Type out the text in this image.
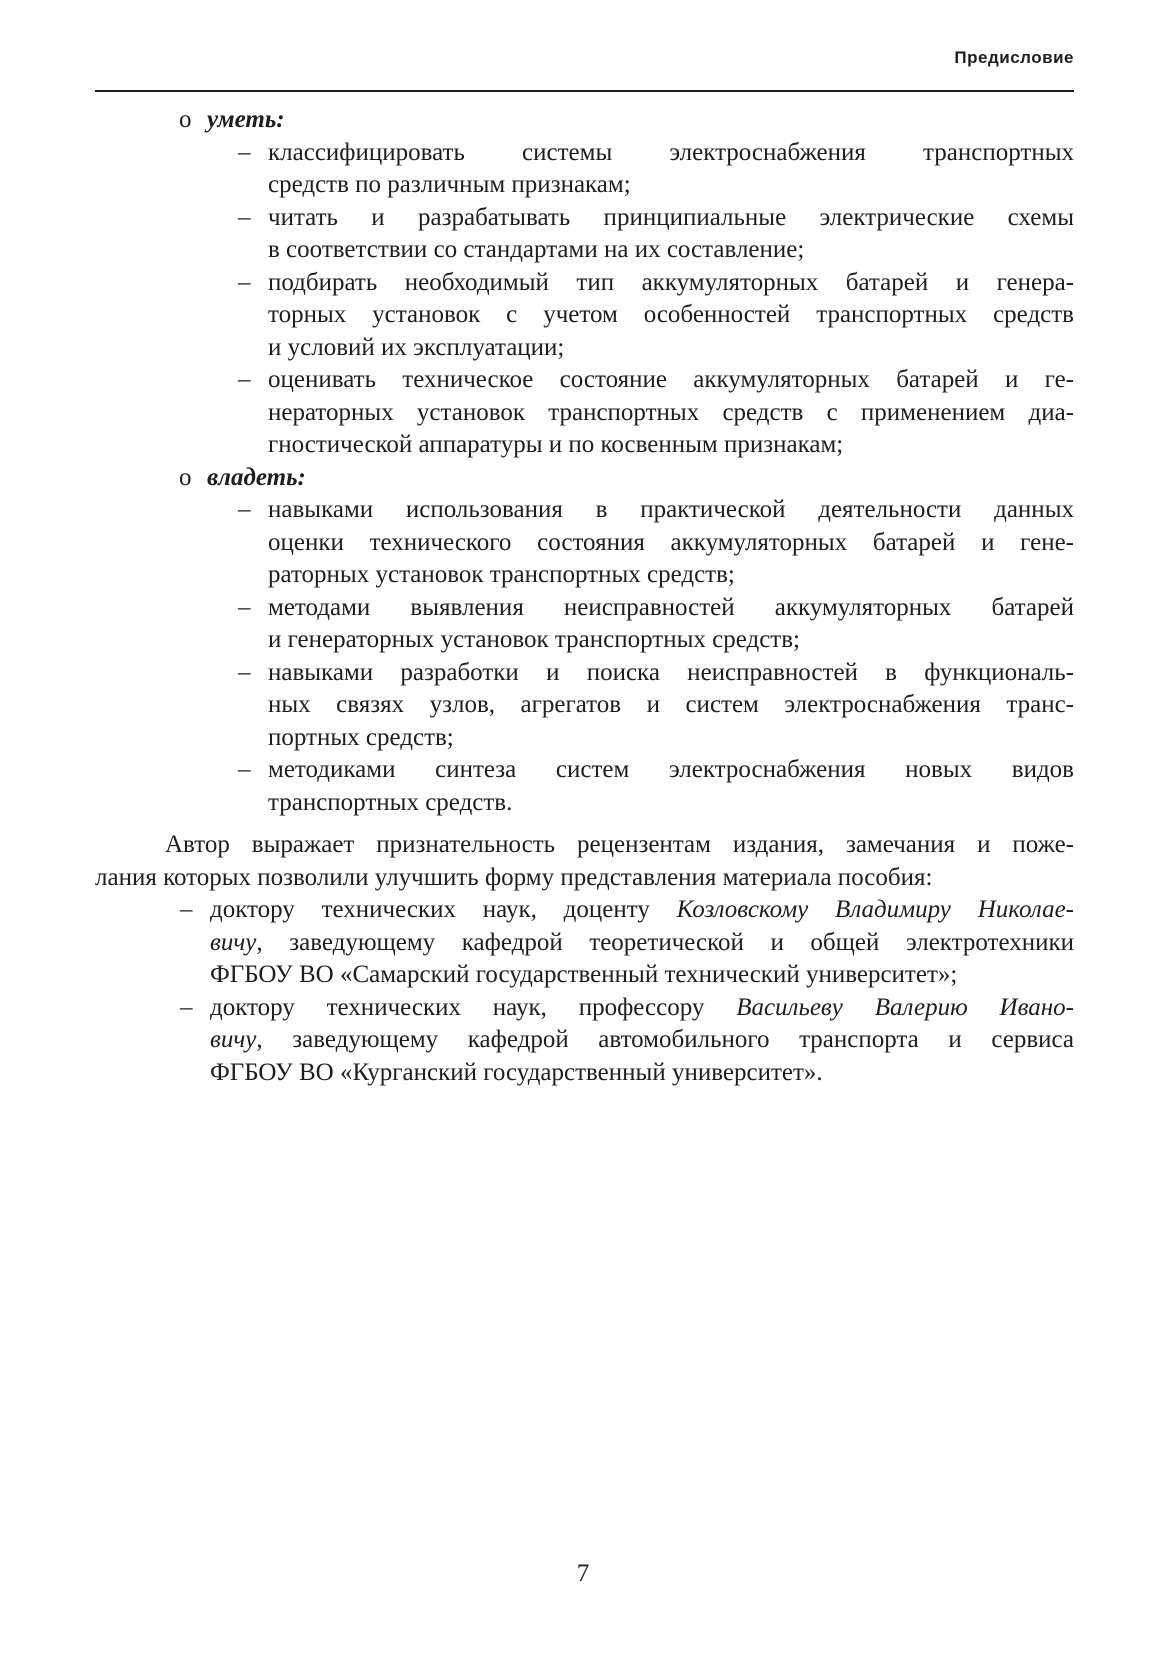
Предисловие
o уметь:
– классифицировать системы электроснабжения транспортных
средств по различным признакам;
– читать и разрабатывать принципиальные электрические схемы
в соответствии со стандартами на их составление;
– подбирать необходимый тип аккумуляторных батарей и генера-
торных установок с учетом особенностей транспортных средств
и условий их эксплуатации;
– оценивать техническое состояние аккумуляторных батарей и ге-
нераторных установок транспортных средств с применением диа-
гностической аппаратуры и по косвенным признакам;
o владеть:
– навыками использования в практической деятельности данных
оценки технического состояния аккумуляторных батарей и гене-
раторных установок транспортных средств;
– методами выявления неисправностей аккумуляторных батарей
и генераторных установок транспортных средств;
– навыками разработки и поиска неисправностей в функциональ-
ных связях узлов, агрегатов и систем электроснабжения транс-
портных средств;
– методиками синтеза систем электроснабжения новых видов
транспортных средств.
Автор выражает признательность рецензентам издания, замечания и поже-
лания которых позволили улучшить форму представления материала пособия:
– доктору технических наук, доценту Козловскому Владимиру Николае-
вичу, заведующему кафедрой теоретической и общей электротехники
ФГБОУ ВО «Самарский государственный технический университет»;
– доктору технических наук, профессору Васильеву Валерию Ивано-
вичу, заведующему кафедрой автомобильного транспорта и сервиса
ФГБОУ ВО «Курганский государственный университет».
7
